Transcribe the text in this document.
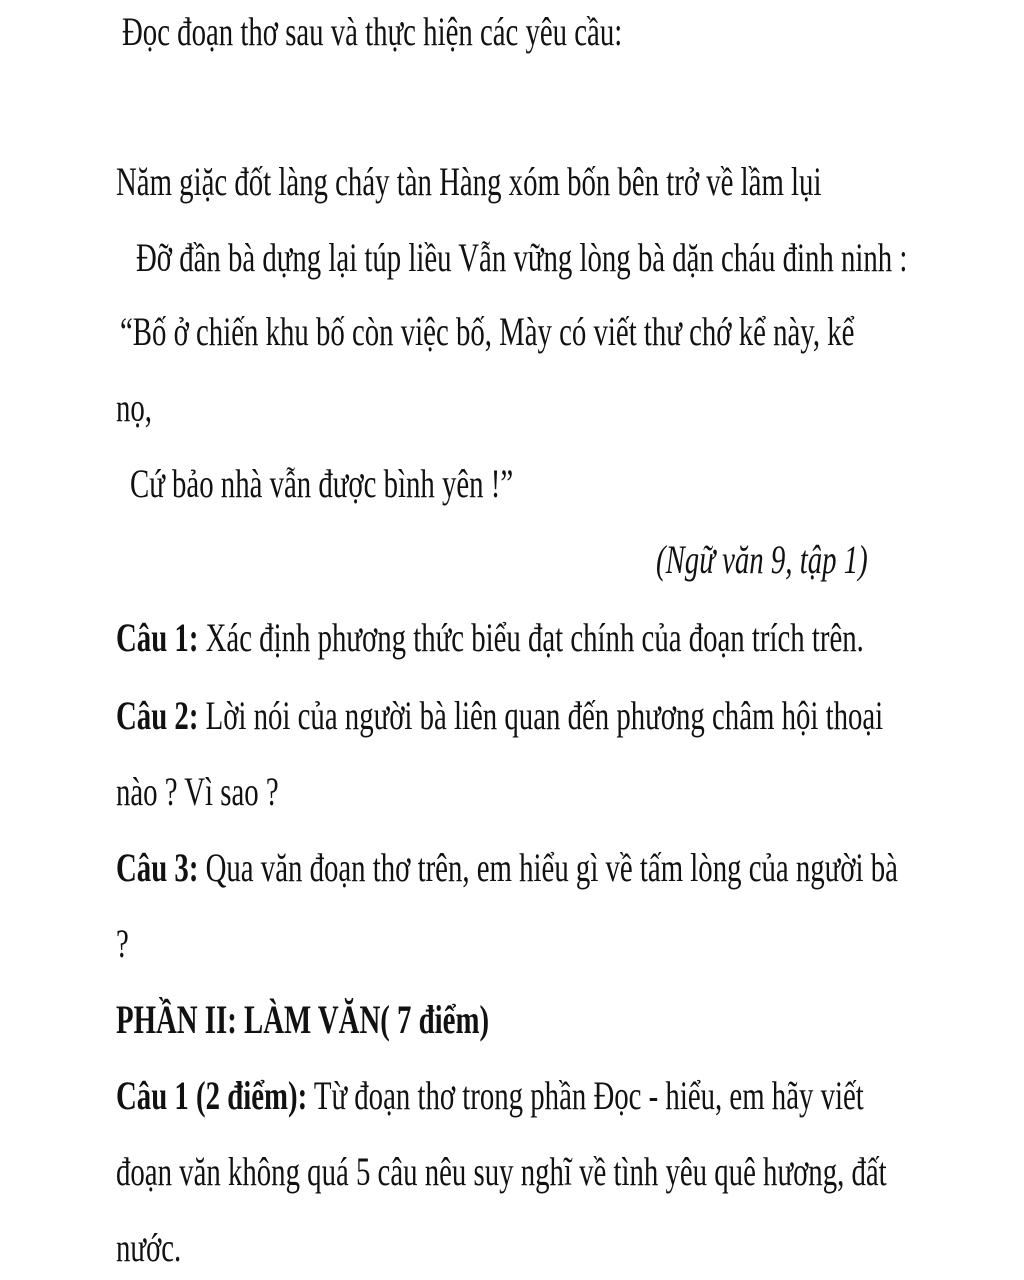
Đọc đoạn thơ sau và thực hiện các yêu cầu:
Năm giặc đốt làng cháy tàn Hàng xóm bốn bên trở về lầm lụi
Đỡ đần bà dựng lại túp liều Vẫn vững lòng bà dặn cháu đinh ninh :
“Bố ở chiến khu bố còn việc bố, Mày có viết thư chớ kể này, kể
nọ,
Cứ bảo nhà vẫn được bình yên !”
(Ngữ văn 9, tập 1)
Câu 1: Xác định phương thức biểu đạt chính của đoạn trích trên.
Câu 2: Lời nói của người bà liên quan đến phương châm hội thoại
nào ? Vì sao ?
Câu 3: Qua văn đoạn thơ trên, em hiểu gì về tấm lòng của người bà
?
PHẦN II: LÀM VĂN( 7 điểm)
Câu 1 (2 điểm): Từ đoạn thơ trong phần Đọc - hiểu, em hãy viết
đoạn văn không quá 5 câu nêu suy nghĩ về tình yêu quê hương, đất
nước.
